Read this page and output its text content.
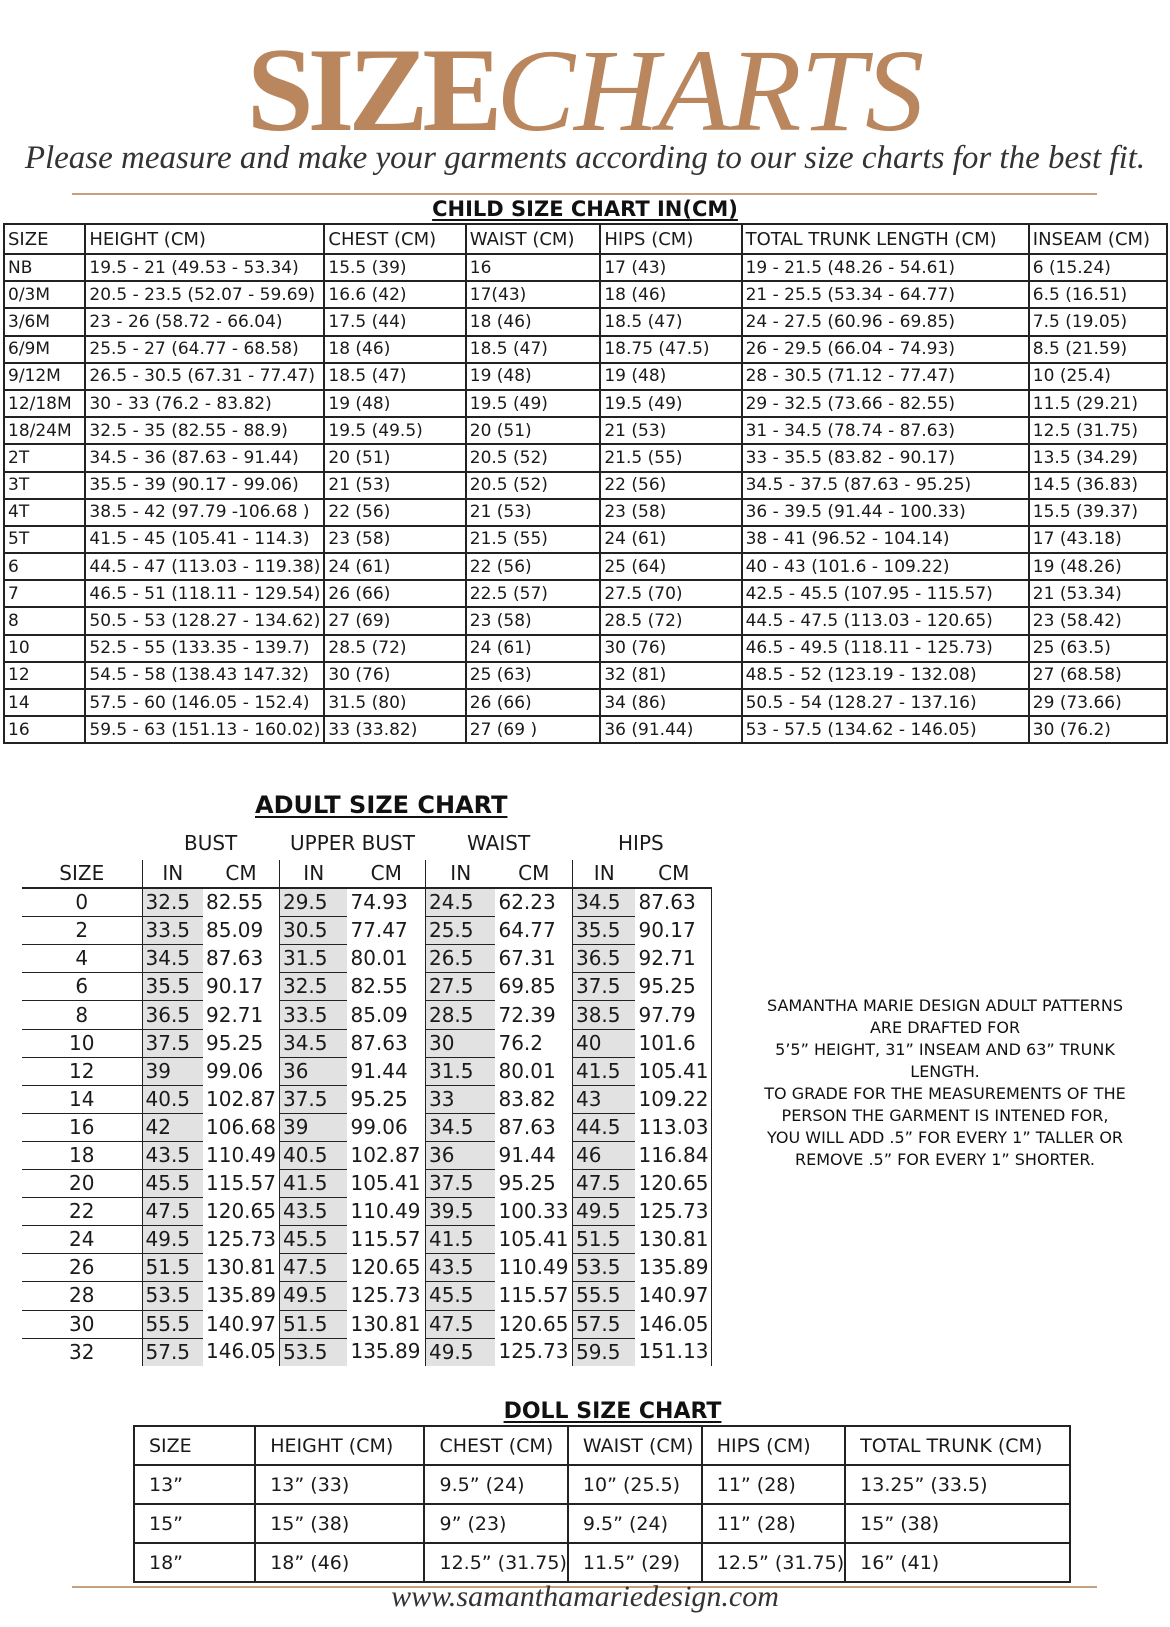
SIZECHARTS
Please measure and make your garments according to our size charts for the best fit.
CHILD SIZE CHART IN(CM)
SIZE	HEIGHT (CM)	CHEST (CM)	WAIST (CM)	HIPS (CM)	TOTAL TRUNK LENGTH (CM)	INSEAM (CM)
NB	19.5 - 21 (49.53 - 53.34)	15.5 (39)	16	17 (43)	19 - 21.5 (48.26 - 54.61)	6 (15.24)
0/3M	20.5 - 23.5 (52.07 - 59.69)	16.6 (42)	17(43)	18 (46)	21 - 25.5 (53.34 - 64.77)	6.5 (16.51)
3/6M	23 - 26 (58.72 - 66.04)	17.5 (44)	18 (46)	18.5 (47)	24 - 27.5 (60.96 - 69.85)	7.5 (19.05)
6/9M	25.5 - 27 (64.77 - 68.58)	18 (46)	18.5 (47)	18.75 (47.5)	26 - 29.5 (66.04 - 74.93)	8.5 (21.59)
9/12M	26.5 - 30.5 (67.31 - 77.47)	18.5 (47)	19 (48)	19 (48)	28 - 30.5 (71.12 - 77.47)	10 (25.4)
12/18M	30 - 33 (76.2 - 83.82)	19 (48)	19.5 (49)	19.5 (49)	29 - 32.5 (73.66 - 82.55)	11.5 (29.21)
18/24M	32.5 - 35 (82.55 - 88.9)	19.5 (49.5)	20 (51)	21 (53)	31 - 34.5 (78.74 - 87.63)	12.5 (31.75)
2T	34.5 - 36 (87.63 - 91.44)	20 (51)	20.5 (52)	21.5 (55)	33 - 35.5 (83.82 - 90.17)	13.5 (34.29)
3T	35.5 - 39 (90.17 - 99.06)	21 (53)	20.5 (52)	22 (56)	34.5 - 37.5 (87.63 - 95.25)	14.5 (36.83)
4T	38.5 - 42 (97.79 -106.68 )	22 (56)	21 (53)	23 (58)	36 - 39.5 (91.44 - 100.33)	15.5 (39.37)
5T	41.5 - 45 (105.41 - 114.3)	23 (58)	21.5 (55)	24 (61)	38 - 41 (96.52 - 104.14)	17 (43.18)
6	44.5 - 47 (113.03 - 119.38)	24 (61)	22 (56)	25 (64)	40 - 43 (101.6 - 109.22)	19 (48.26)
7	46.5 - 51 (118.11 - 129.54)	26 (66)	22.5 (57)	27.5 (70)	42.5 - 45.5 (107.95 - 115.57)	21 (53.34)
8	50.5 - 53 (128.27 - 134.62)	27 (69)	23 (58)	28.5 (72)	44.5 - 47.5 (113.03 - 120.65)	23 (58.42)
10	52.5 - 55 (133.35 - 139.7)	28.5 (72)	24 (61)	30 (76)	46.5 - 49.5 (118.11 - 125.73)	25 (63.5)
12	54.5 - 58 (138.43 147.32)	30 (76)	25 (63)	32 (81)	48.5 - 52 (123.19 - 132.08)	27 (68.58)
14	57.5 - 60 (146.05 - 152.4)	31.5 (80)	26 (66)	34 (86)	50.5 - 54 (128.27 - 137.16)	29 (73.66)
16	59.5 - 63 (151.13 - 160.02)	33 (33.82)	27 (69 )	36 (91.44)	53 - 57.5 (134.62 - 146.05)	30 (76.2)
ADULT SIZE CHART
BUST	UPPER BUST	WAIST	HIPS
SIZE	IN	CM	IN	CM	IN	CM	IN	CM
0	32.5	82.55	29.5	74.93	24.5	62.23	34.5	87.63
2	33.5	85.09	30.5	77.47	25.5	64.77	35.5	90.17
4	34.5	87.63	31.5	80.01	26.5	67.31	36.5	92.71
6	35.5	90.17	32.5	82.55	27.5	69.85	37.5	95.25
8	36.5	92.71	33.5	85.09	28.5	72.39	38.5	97.79
10	37.5	95.25	34.5	87.63	30	76.2	40	101.6
12	39	99.06	36	91.44	31.5	80.01	41.5	105.41
14	40.5	102.87	37.5	95.25	33	83.82	43	109.22
16	42	106.68	39	99.06	34.5	87.63	44.5	113.03
18	43.5	110.49	40.5	102.87	36	91.44	46	116.84
20	45.5	115.57	41.5	105.41	37.5	95.25	47.5	120.65
22	47.5	120.65	43.5	110.49	39.5	100.33	49.5	125.73
24	49.5	125.73	45.5	115.57	41.5	105.41	51.5	130.81
26	51.5	130.81	47.5	120.65	43.5	110.49	53.5	135.89
28	53.5	135.89	49.5	125.73	45.5	115.57	55.5	140.97
30	55.5	140.97	51.5	130.81	47.5	120.65	57.5	146.05
32	57.5	146.05	53.5	135.89	49.5	125.73	59.5	151.13
SAMANTHA MARIE DESIGN ADULT PATTERNS
ARE DRAFTED FOR
5’5” HEIGHT, 31” INSEAM AND 63” TRUNK
LENGTH.
TO GRADE FOR THE MEASUREMENTS OF THE
PERSON THE GARMENT IS INTENED FOR,
YOU WILL ADD .5” FOR EVERY 1” TALLER OR
REMOVE .5” FOR EVERY 1” SHORTER.
DOLL SIZE CHART
SIZE	HEIGHT (CM)	CHEST (CM)	WAIST (CM)	HIPS (CM)	TOTAL TRUNK (CM)
13”	13” (33)	9.5” (24)	10” (25.5)	11” (28)	13.25” (33.5)
15”	15” (38)	9” (23)	9.5” (24)	11” (28)	15” (38)
18”	18” (46)	12.5” (31.75)	11.5” (29)	12.5” (31.75)	16” (41)
www.samanthamariedesign.com
